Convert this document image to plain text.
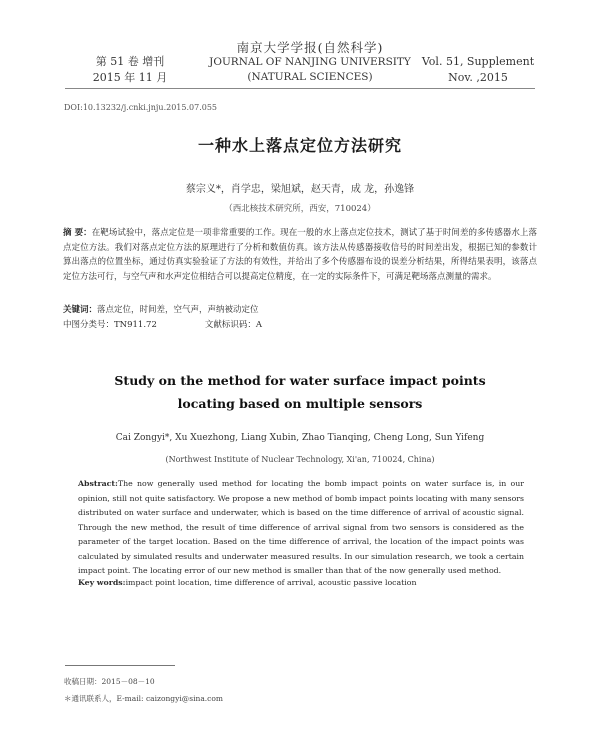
第 51 卷 增刊
2015 年 11 月
南京大学学报(自然科学)
JOURNAL OF NANJING UNIVERSITY
(NATURAL SCIENCES)
Vol. 51, Supplement
Nov. ,2015
DOI:10.13232/j.cnki.jnju.2015.07.055
一种水上落点定位方法研究
蔡宗义*，肖学忠，梁旭斌，赵天青，成 龙，孙逸锋
（西北核技术研究所，西安，710024）
摘 要：在靶场试验中，落点定位是一项非常重要的工作。现在一般的水上落点定位技术，测试了基于时间差的多传感器水上落点定位方法。我们对落点定位方法的原理进行了分析和数值仿真。该方法从传感器接收信号的时间差出发，根据已知的参数计算出落点的位置坐标，通过仿真实验验证了方法的有效性，并给出了多个传感器布设的误差分析结果，所得结果表明，该落点定位方法可行，与空气声和水声定位相结合可以提高定位精度，在一定的实际条件下，可满足靶场落点测量的需求。
关键词：落点定位，时间差，空气声，声纳被动定位
中图分类号：TN911.72	文献标识码：A
Study on the method for water surface impact points
locating based on multiple sensors
Cai Zongyi*, Xu Xuezhong, Liang Xubin, Zhao Tianqing, Cheng Long, Sun Yifeng
(Northwest Institute of Nuclear Technology, Xi'an, 710024, China)
Abstract:The now generally used method for locating the bomb impact points on water surface is, in our opinion, still not quite satisfactory. We propose a new method of bomb impact points locating with many sensors distributed on water surface and underwater, which is based on the time difference of arrival of acoustic signal. Through the new method, the result of time difference of arrival signal from two sensors is considered as the parameter of the target location. Based on the time difference of arrival, the location of the impact points was calculated by simulated results and underwater measured results. In our simulation research, we took a certain impact point. The locating error of our new method is smaller than that of the now generally used method.
Key words:impact point location, time difference of arrival, acoustic passive location
收稿日期：2015－08－10
＊通讯联系人，E-mail: caizongyi@sina.com
